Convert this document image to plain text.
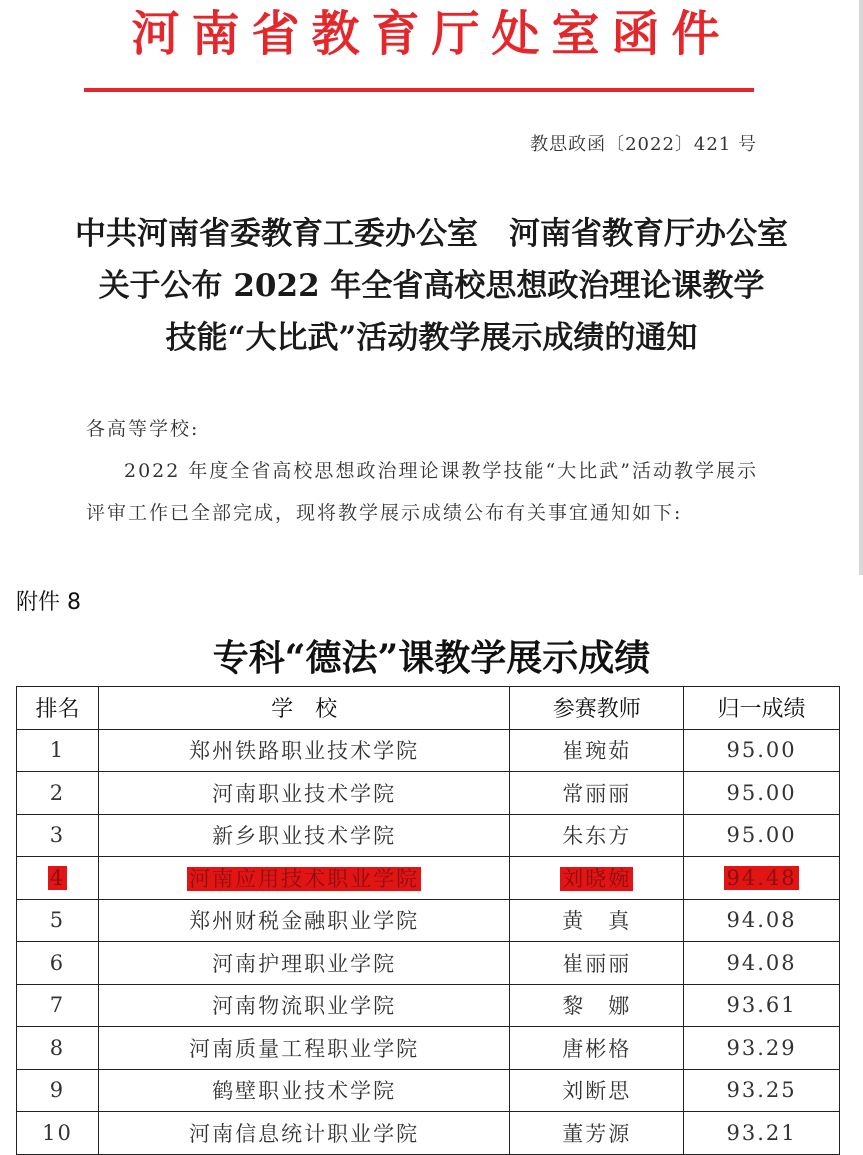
河南省教育厅处室函件
教思政函〔2022〕421 号
中共河南省委教育工委办公室　河南省教育厅办公室
关于公布 2022 年全省高校思想政治理论课教学
技能“大比武”活动教学展示成绩的通知
各高等学校:
2022 年度全省高校思想政治理论课教学技能“大比武”活动教学展示评审工作已全部完成，现将教学展示成绩公布有关事宜通知如下:
附件 8
专科“德法”课教学展示成绩
排名	学　校	参赛教师	归一成绩
1	郑州铁路职业技术学院	崔琬茹	95.00
2	河南职业技术学院	常丽丽	95.00
3	新乡职业技术学院	朱东方	95.00
4	河南应用技术职业学院	刘晓婉	94.48
5	郑州财税金融职业学院	黄　真	94.08
6	河南护理职业学院	崔丽丽	94.08
7	河南物流职业学院	黎　娜	93.61
8	河南质量工程职业学院	唐彬格	93.29
9	鹤壁职业技术学院	刘断思	93.25
10	河南信息统计职业学院	董芳源	93.21
